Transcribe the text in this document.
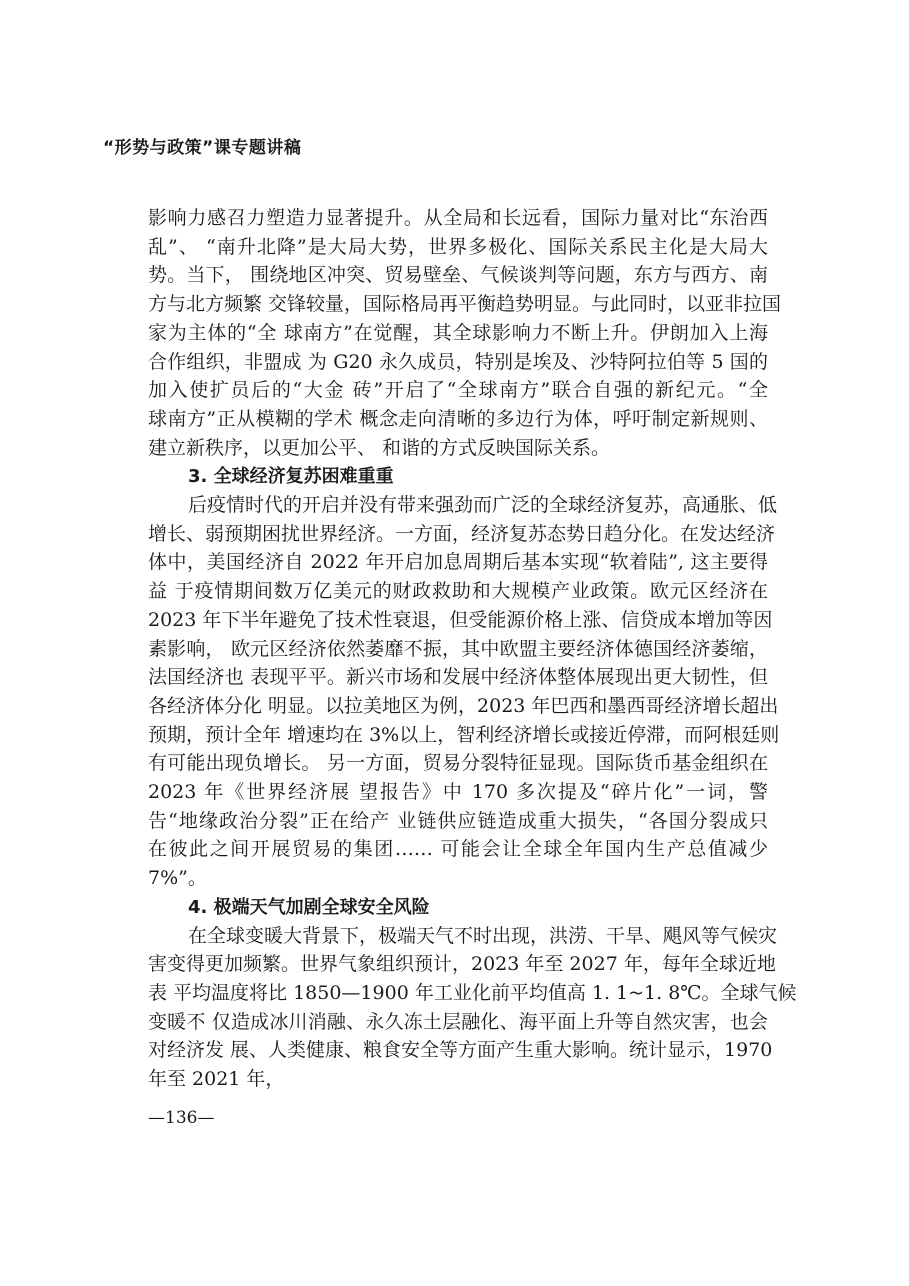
“形势与政策”课专题讲稿
影响力感召力塑造力显著提升。从全局和长远看，国际力量对比“东治西
乱”、 “南升北降”是大局大势，世界多极化、国际关系民主化是大局大
势。当下， 围绕地区冲突、贸易壁垒、气候谈判等问题，东方与西方、南
方与北方频繁 交锋较量，国际格局再平衡趋势明显。与此同时，以亚非拉国
家为主体的“全 球南方”在觉醒，其全球影响力不断上升。伊朗加入上海
合作组织，非盟成 为 G20 永久成员，特别是埃及、沙特阿拉伯等 5 国的
加入使扩员后的“大金 砖”开启了“全球南方”联合自强的新纪元。“全
球南方”正从模糊的学术 概念走向清晰的多边行为体，呼吁制定新规则、
建立新秩序，以更加公平、 和谐的方式反映国际关系。
3. 全球经济复苏困难重重
后疫情时代的开启并没有带来强劲而广泛的全球经济复苏，高通胀、低
增长、弱预期困扰世界经济。一方面，经济复苏态势日趋分化。在发达经济
体中，美国经济自 2022 年开启加息周期后基本实现“软着陆”, 这主要得
益 于疫情期间数万亿美元的财政救助和大规模产业政策。欧元区经济在
2023 年下半年避免了技术性衰退，但受能源价格上涨、信贷成本增加等因
素影响， 欧元区经济依然萎靡不振，其中欧盟主要经济体德国经济萎缩，
法国经济也 表现平平。新兴市场和发展中经济体整体展现出更大韧性，但
各经济体分化 明显。以拉美地区为例，2023 年巴西和墨西哥经济增长超出
预期，预计全年 增速均在 3%以上，智利经济增长或接近停滞，而阿根廷则
有可能出现负增长。 另一方面，贸易分裂特征显现。国际货币基金组织在
2023 年《世界经济展 望报告》中 170 多次提及“碎片化”一词，警
告“地缘政治分裂”正在给产 业链供应链造成重大损失，“各国分裂成只
在彼此之间开展贸易的集团…… 可能会让全球全年国内生产总值减少
7%”。
4. 极端天气加剧全球安全风险
在全球变暖大背景下，极端天气不时出现，洪涝、干旱、飓风等气候灾
害变得更加频繁。世界气象组织预计，2023 年至 2027 年，每年全球近地
表 平均温度将比 1850—1900 年工业化前平均值高 1. 1~1. 8℃。全球气候
变暖不 仅造成冰川消融、永久冻土层融化、海平面上升等自然灾害，也会
对经济发 展、人类健康、粮食安全等方面产生重大影响。统计显示，1970
年至 2021 年，
—136—
